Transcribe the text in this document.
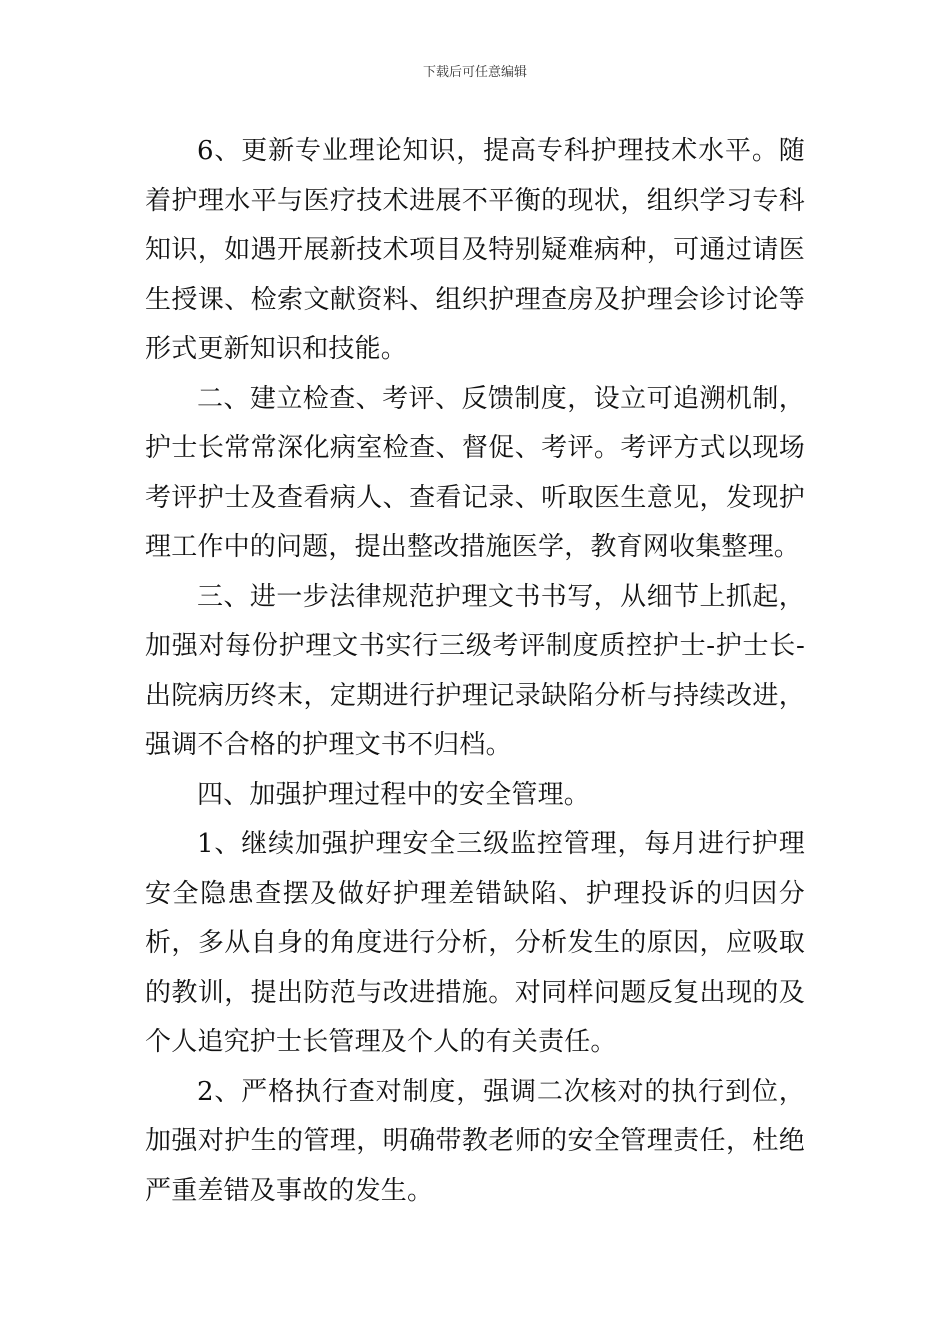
下载后可任意编辑

6、更新专业理论知识，提高专科护理技术水平。随着护理水平与医疗技术进展不平衡的现状，组织学习专科知识，如遇开展新技术项目及特别疑难病种，可通过请医生授课、检索文献资料、组织护理查房及护理会诊讨论等形式更新知识和技能。

二、建立检查、考评、反馈制度，设立可追溯机制，护士长常常深化病室检查、督促、考评。考评方式以现场考评护士及查看病人、查看记录、听取医生意见，发现护理工作中的问题，提出整改措施医学，教育网收集整理。

三、进一步法律规范护理文书书写，从细节上抓起，加强对每份护理文书实行三级考评制度质控护士-护士长-出院病历终末，定期进行护理记录缺陷分析与持续改进，强调不合格的护理文书不归档。

四、加强护理过程中的安全管理。

1、继续加强护理安全三级监控管理，每月进行护理安全隐患查摆及做好护理差错缺陷、护理投诉的归因分析，多从自身的角度进行分析，分析发生的原因，应吸取的教训，提出防范与改进措施。对同样问题反复出现的及个人追究护士长管理及个人的有关责任。

2、严格执行查对制度，强调二次核对的执行到位，加强对护生的管理，明确带教老师的安全管理责任，杜绝严重差错及事故的发生。
